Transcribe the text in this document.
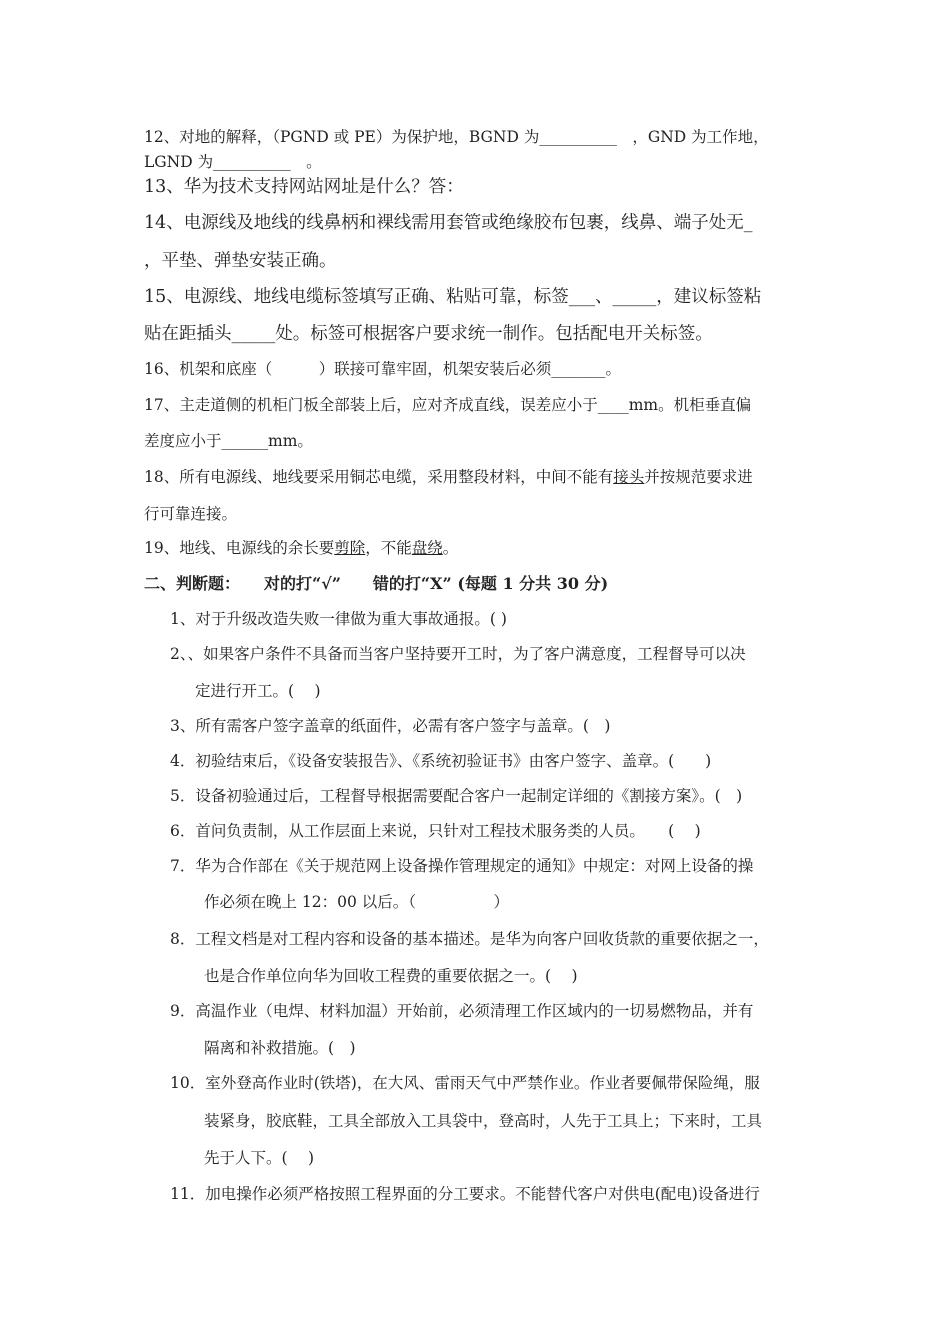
12、对地的解释，（PGND 或 PE）为保护地，BGND 为__________　，GND 为工作地，
LGND 为__________　。
13、华为技术支持网站网址是什么？答：
14、电源线及地线的线鼻柄和裸线需用套管或绝缘胶布包裹，线鼻、端子处无_
，平垫、弹垫安装正确。
15、电源线、地线电缆标签填写正确、粘贴可靠，标签___、_____，建议标签粘
贴在距插头_____处。标签可根据客户要求统一制作。包括配电开关标签。
16、机架和底座（　　　）联接可靠牢固，机架安装后必须_______。
17、主走道侧的机柜门板全部装上后，应对齐成直线，误差应小于____mm。机柜垂直偏
差度应小于______mm。
18、所有电源线、地线要采用铜芯电缆，采用整段材料，中间不能有接头并按规范要求进
行可靠连接。
19、地线、电源线的余长要剪除，不能盘绕。
二、判断题：　　对的打“√”　　错的打“X” (每题 1 分共 30 分)
1、对于升级改造失败一律做为重大事故通报。( )
2、、如果客户条件不具备而当客户坚持要开工时，为了客户满意度，工程督导可以决
定进行开工。(　 )
3、所有需客户签字盖章的纸面件，必需有客户签字与盖章。(　)
4．初验结束后，《设备安装报告》、《系统初验证书》由客户签字、盖章。(　　)
5．设备初验通过后，工程督导根据需要配合客户一起制定详细的《割接方案》。(　)
6．首问负责制，从工作层面上来说，只针对工程技术服务类的人员。　　(　 )
7．华为合作部在《关于规范网上设备操作管理规定的通知》中规定：对网上设备的操
作必须在晚上 12：00 以后。（　　　　　）
8．工程文档是对工程内容和设备的基本描述。是华为向客户回收货款的重要依据之一，
也是合作单位向华为回收工程费的重要依据之一。(　 )
9．高温作业（电焊、材料加温）开始前，必须清理工作区域内的一切易燃物品，并有
隔离和补救措施。(　)
10．室外登高作业时(铁塔)，在大风、雷雨天气中严禁作业。作业者要佩带保险绳，服
装紧身，胶底鞋，工具全部放入工具袋中，登高时，人先于工具上；下来时，工具
先于人下。(　 )
11．加电操作必须严格按照工程界面的分工要求。不能替代客户对供电(配电)设备进行
